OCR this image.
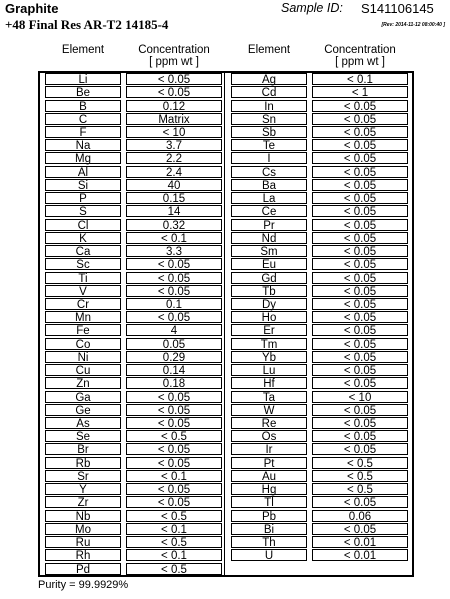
Graphite	Sample ID: S141106145
+48 Final Res AR-T2 14185-4	[Rev: 2014-11-12 08:00:40 ]
Element	Concentration
[ ppm wt ]
Element	Concentration
[ ppm wt ]
Purity = 99.9929%
Li	< 0.05
Be	< 0.05
B	0.12
C	Matrix
F	< 10
Na	3.7
Mg	2.2
Al	2.4
Si	40
P	0.15
S	14
Cl	0.32
K	< 0.1
Ca	3.3
Sc	< 0.05
Ti	< 0.05
V	< 0.05
Cr	0.1
Mn	< 0.05
Fe	4
Co	0.05
Ni	0.29
Cu	0.14
Zn	0.18
Ga	< 0.05
Ge	< 0.05
As	< 0.05
Se	< 0.5
Br	< 0.05
Rb	< 0.05
Sr	< 0.1
Y	< 0.05
Zr	< 0.05
Nb	< 0.5
Mo	< 0.1
Ru	< 0.5
Rh	< 0.1
Pd	< 0.5
Ag	< 0.1
Cd	< 1
In	< 0.05
Sn	< 0.05
Sb	< 0.05
Te	< 0.05
I	< 0.05
Cs	< 0.05
Ba	< 0.05
La	< 0.05
Ce	< 0.05
Pr	< 0.05
Nd	< 0.05
Sm	< 0.05
Eu	< 0.05
Gd	< 0.05
Tb	< 0.05
Dy	< 0.05
Ho	< 0.05
Er	< 0.05
Tm	< 0.05
Yb	< 0.05
Lu	< 0.05
Hf	< 0.05
Ta	< 10
W	< 0.05
Re	< 0.05
Os	< 0.05
Ir	< 0.05
Pt	< 0.5
Au	< 0.5
Hg	< 0.5
Tl	< 0.05
Pb	0.06
Bi	< 0.05
Th	< 0.01
U	< 0.01
